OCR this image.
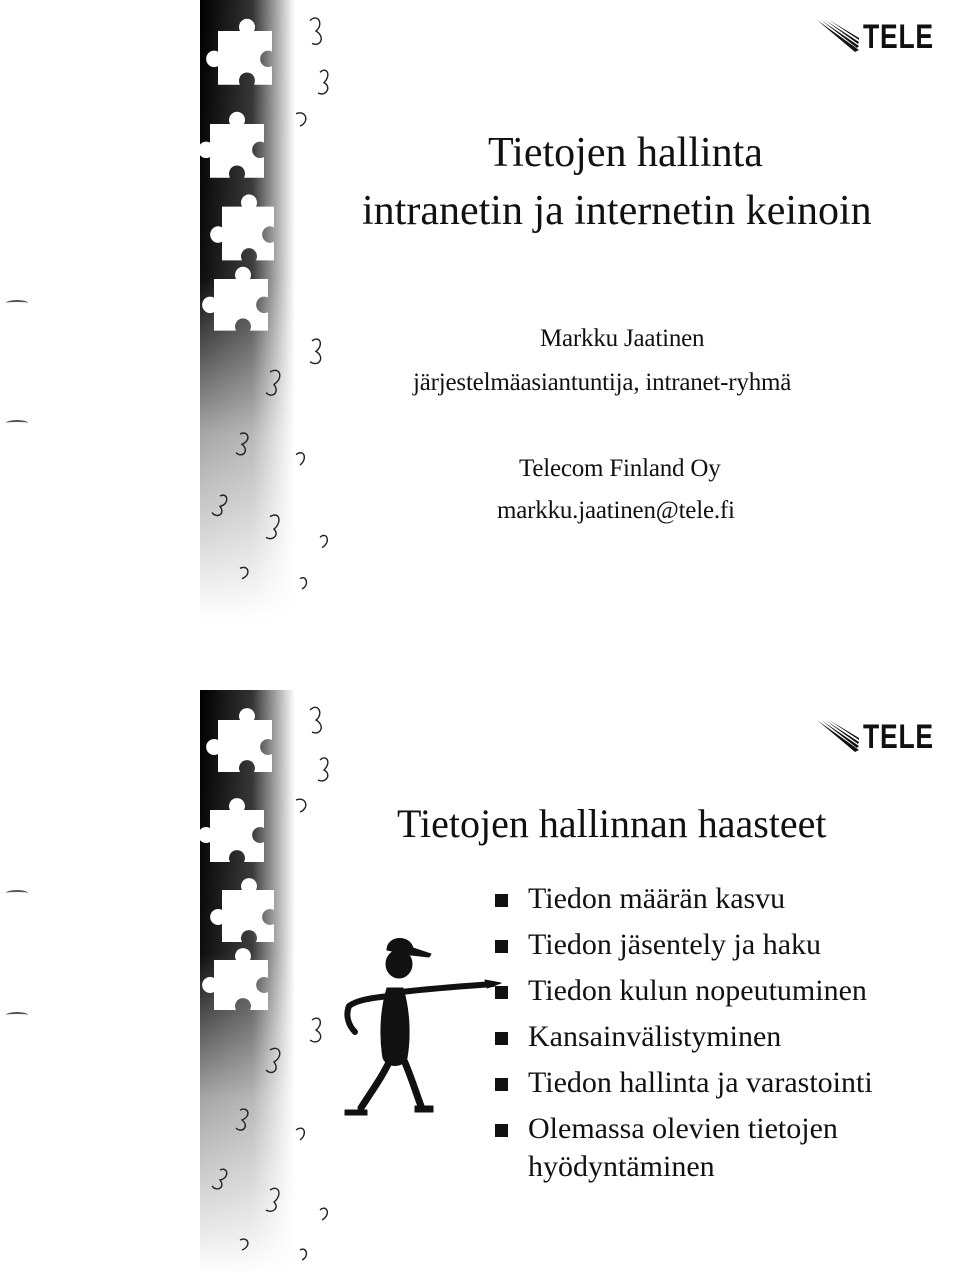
TELE
Tietojen hallinta
intranetin ja internetin keinoin
Markku Jaatinen
järjestelmäasiantuntija, intranet-ryhmä
Telecom Finland Oy
markku.jaatinen@tele.fi
TELE
Tietojen hallinnan haasteet
Tiedon määrän kasvu
Tiedon jäsentely ja haku
Tiedon kulun nopeutuminen
Kansainvälistyminen
Tiedon hallinta ja varastointi
Olemassa olevien tietojen
hyödyntäminen
